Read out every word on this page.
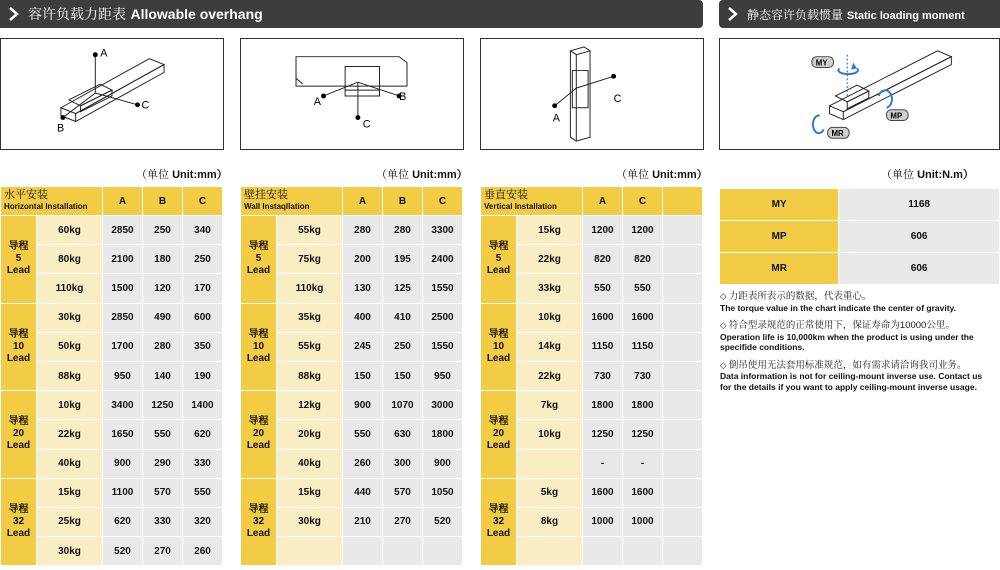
容许负载力距表 Allowable overhang	静态容许负载惯量 Static loading moment
A
C
B
B
A
C
C
A
MY
MP
MR
（单位 Unit:mm）	（单位 Unit:mm）	（单位 Unit:mm）	（单位 Unit:N.m）
水平安装
Horizontal Installation		A	B	C

导程
5
Lead	60kg	2850	250	340
	80kg	2100	180	250
	110kg	1500	120	170

导程
10
Lead	30kg	2850	490	600
	50kg	1700	280	350
	88kg	950	140	190

导程
20
Lead	10kg	3400	1250	1400
	22kg	1650	550	620
	40kg	900	290	330

导程
32
Lead	15kg	1100	570	550
	25kg	620	330	320
	30kg	520	270	260
壁挂安装
Wall Instaqllation		A	B	C

导程
5
Lead	55kg	280	280	3300
	75kg	200	195	2400
	110kg	130	125	1550

导程
10
Lead	35kg	400	410	2500
	55kg	245	250	1550
	88kg	150	150	950

导程
20
Lead	12kg	900	1070	3000
	20kg	550	630	1800
	40kg	260	300	900

导程
32
Lead	15kg	440	570	1050
	30kg	210	270	520

垂直安装
Vertical Installation		A	C	

导程
5
Lead	15kg	1200	1200	
	22kg	820	820	
	33kg	550	550	

导程
10
Lead	10kg	1600	1600	
	14kg	1150	1150	
	22kg	730	730	

导程
20
Lead	7kg	1800	1800	
	10kg	1250	1250	
		-	-	

导程
32
Lead	5kg	1600	1600	
	8kg	1000	1000	

MY	1168
MP	606
MR	606

◇ 力距表所表示的数据，代表重心。
The torque value in the chart indicate the center of gravity.

◇ 符合型录规范的正常使用下，保证寿命为10000公里。
Operation life is 10,000km when the product is using under the specifide conditions.

◇ 倒吊使用无法套用标准规范，如有需求请洽询我司业务。
Data information is not for ceiling-mount inverse use. Contact us for the details if you want to apply ceiling-mount inverse usage.
